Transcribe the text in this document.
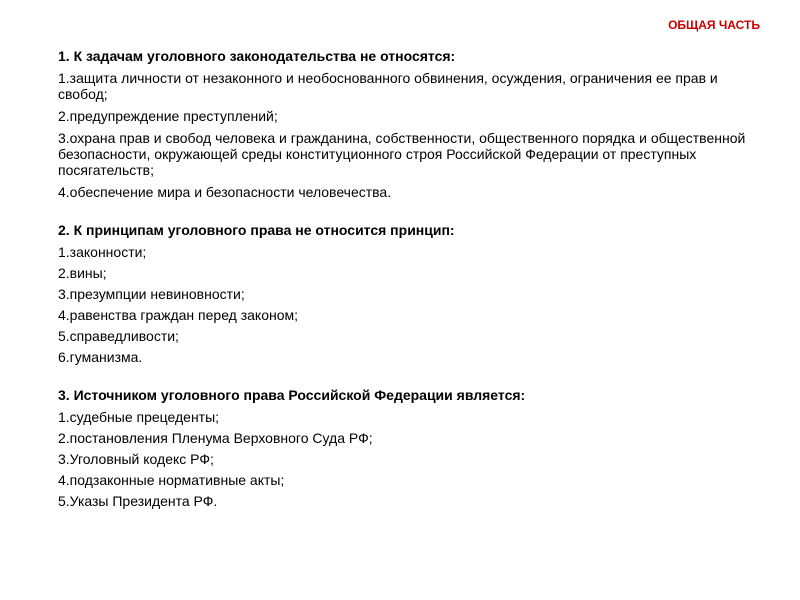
ОБЩАЯ ЧАСТЬ
1. К задачам уголовного законодательства не относятся:
1.защита личности от незаконного и необоснованного обвинения, осуждения, ограничения ее прав и свобод;
2.предупреждение преступлений;
3.охрана прав и свобод человека и гражданина, собственности, общественного порядка и общественной безопасности, окружающей среды конституционного строя Российской Федерации от преступных посягательств;
4.обеспечение мира и безопасности человечества.
2. К принципам уголовного права не относится принцип:
1.законности;
2.вины;
3.презумпции невиновности;
4.равенства граждан перед законом;
5.справедливости;
6.гуманизма.
3. Источником уголовного права Российской Федерации является:
1.судебные прецеденты;
2.постановления Пленума Верховного Суда РФ;
3.Уголовный кодекс РФ;
4.подзаконные нормативные акты;
5.Указы Президента РФ.
